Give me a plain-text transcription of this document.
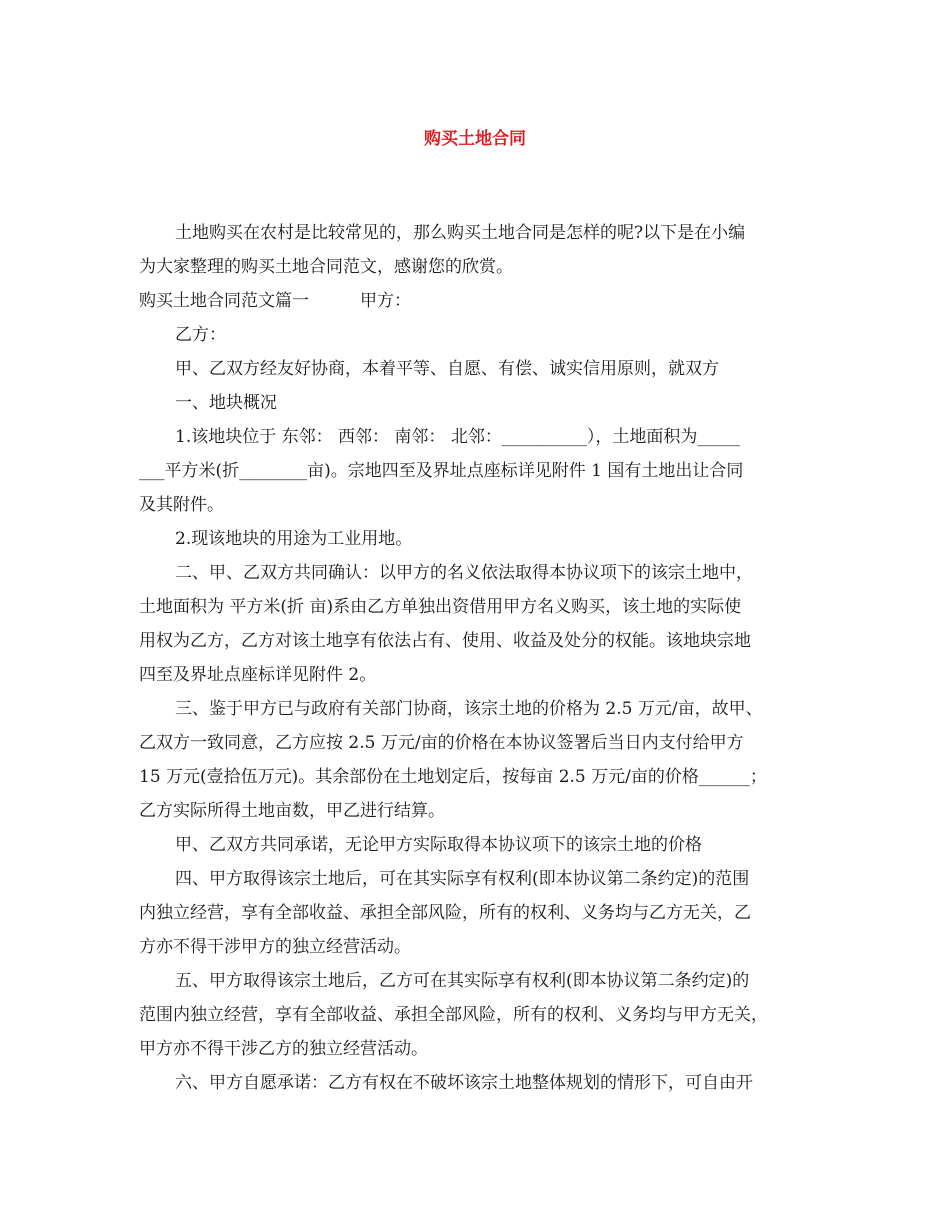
购买土地合同
土地购买在农村是比较常见的，那么购买土地合同是怎样的呢?以下是在小编
为大家整理的购买土地合同范文，感谢您的欣赏。
购买土地合同范文篇一　　　甲方：
乙方：
甲、乙双方经友好协商，本着平等、自愿、有偿、诚实信用原则，就双方
一、地块概况
1.该地块位于 东邻： 西邻： 南邻： 北邻：__________），土地面积为_____
___平方米(折________亩)。宗地四至及界址点座标详见附件 1 国有土地出让合同
及其附件。
2.现该地块的用途为工业用地。
二、甲、乙双方共同确认：以甲方的名义依法取得本协议项下的该宗土地中，
土地面积为 平方米(折 亩)系由乙方单独出资借用甲方名义购买，该土地的实际使
用权为乙方，乙方对该土地享有依法占有、使用、收益及处分的权能。该地块宗地
四至及界址点座标详见附件 2。
三、鉴于甲方已与政府有关部门协商，该宗土地的价格为 2.5 万元/亩，故甲、
乙双方一致同意，乙方应按 2.5 万元/亩的价格在本协议签署后当日内支付给甲方
15 万元(壹拾伍万元)。其余部份在土地划定后，按每亩 2.5 万元/亩的价格______；
乙方实际所得土地亩数，甲乙进行结算。
甲、乙双方共同承诺，无论甲方实际取得本协议项下的该宗土地的价格
四、甲方取得该宗土地后，可在其实际享有权利(即本协议第二条约定)的范围
内独立经营，享有全部收益、承担全部风险，所有的权利、义务均与乙方无关，乙
方亦不得干涉甲方的独立经营活动。
五、甲方取得该宗土地后，乙方可在其实际享有权利(即本协议第二条约定)的
范围内独立经营，享有全部收益、承担全部风险，所有的权利、义务均与甲方无关，
甲方亦不得干涉乙方的独立经营活动。
六、甲方自愿承诺：乙方有权在不破坏该宗土地整体规划的情形下，可自由开
